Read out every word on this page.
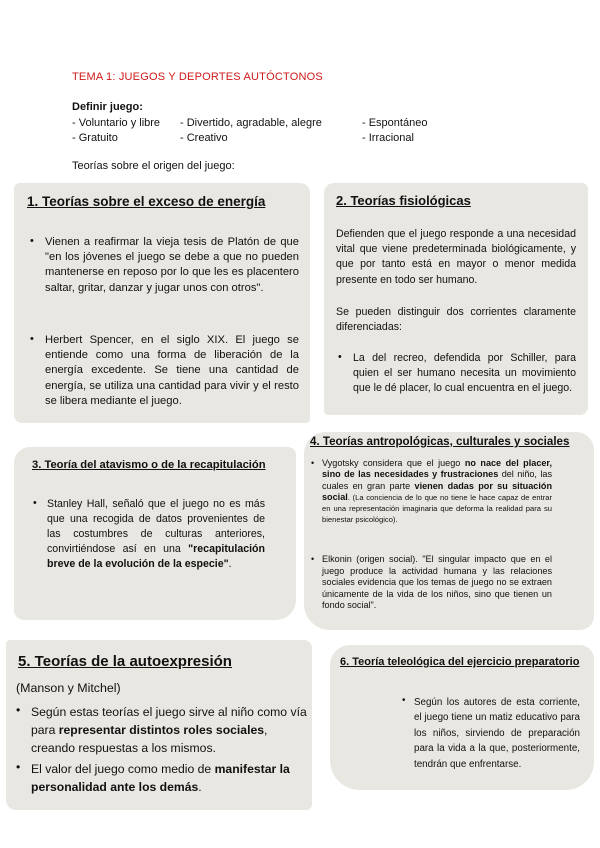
TEMA 1: JUEGOS Y DEPORTES AUTÓCTONOS
Definir juego:
- Voluntario y libre
- Gratuito
- Divertido, agradable, alegre
- Creativo
- Espontáneo
- Irracional
Teorías sobre el origen del juego:
1. Teorías sobre el exceso de energía
• Vienen a reafirmar la vieja tesis de Platón de que "en los jóvenes el juego se debe a que no pueden mantenerse en reposo por lo que les es placentero saltar, gritar, danzar y jugar unos con otros".
• Herbert Spencer, en el siglo XIX. El juego se entiende como una forma de liberación de la energía excedente. Se tiene una cantidad de energía, se utiliza una cantidad para vivir y el resto se libera mediante el juego.
2. Teorías fisiológicas
Defienden que el juego responde a una necesidad vital que viene predeterminada biológicamente, y que por tanto está en mayor o menor medida presente en todo ser humano.
Se pueden distinguir dos corrientes claramente diferenciadas:
• La del recreo, defendida por Schiller, para quien el ser humano necesita un movimiento que le dé placer, lo cual encuentra en el juego.
3. Teoría del atavismo o de la recapitulación
• Stanley Hall, señaló que el juego no es más que una recogida de datos provenientes de las costumbres de culturas anteriores, convirtiéndose así en una "recapitulación breve de la evolución de la especie".
4. Teorías antropológicas, culturales y sociales
• Vygotsky considera que el juego no nace del placer, sino de las necesidades y frustraciones del niño, las cuales en gran parte vienen dadas por su situación social. (La conciencia de lo que no tiene le hace capaz de entrar en una representación imaginaria que deforma la realidad para su bienestar psicológico).
• Elkonin (origen social). "El singular impacto que en el juego produce la actividad humana y las relaciones sociales evidencia que los temas de juego no se extraen únicamente de la vida de los niños, sino que tienen un fondo social".
5. Teorías de la autoexpresión
(Manson y Mitchel)
• Según estas teorías el juego sirve al niño como vía para representar distintos roles sociales, creando respuestas a los mismos.
• El valor del juego como medio de manifestar la personalidad ante los demás.
6. Teoría teleológica del ejercicio preparatorio
• Según los autores de esta corriente, el juego tiene un matiz educativo para los niños, sirviendo de preparación para la vida a la que, posteriormente, tendrán que enfrentarse.
